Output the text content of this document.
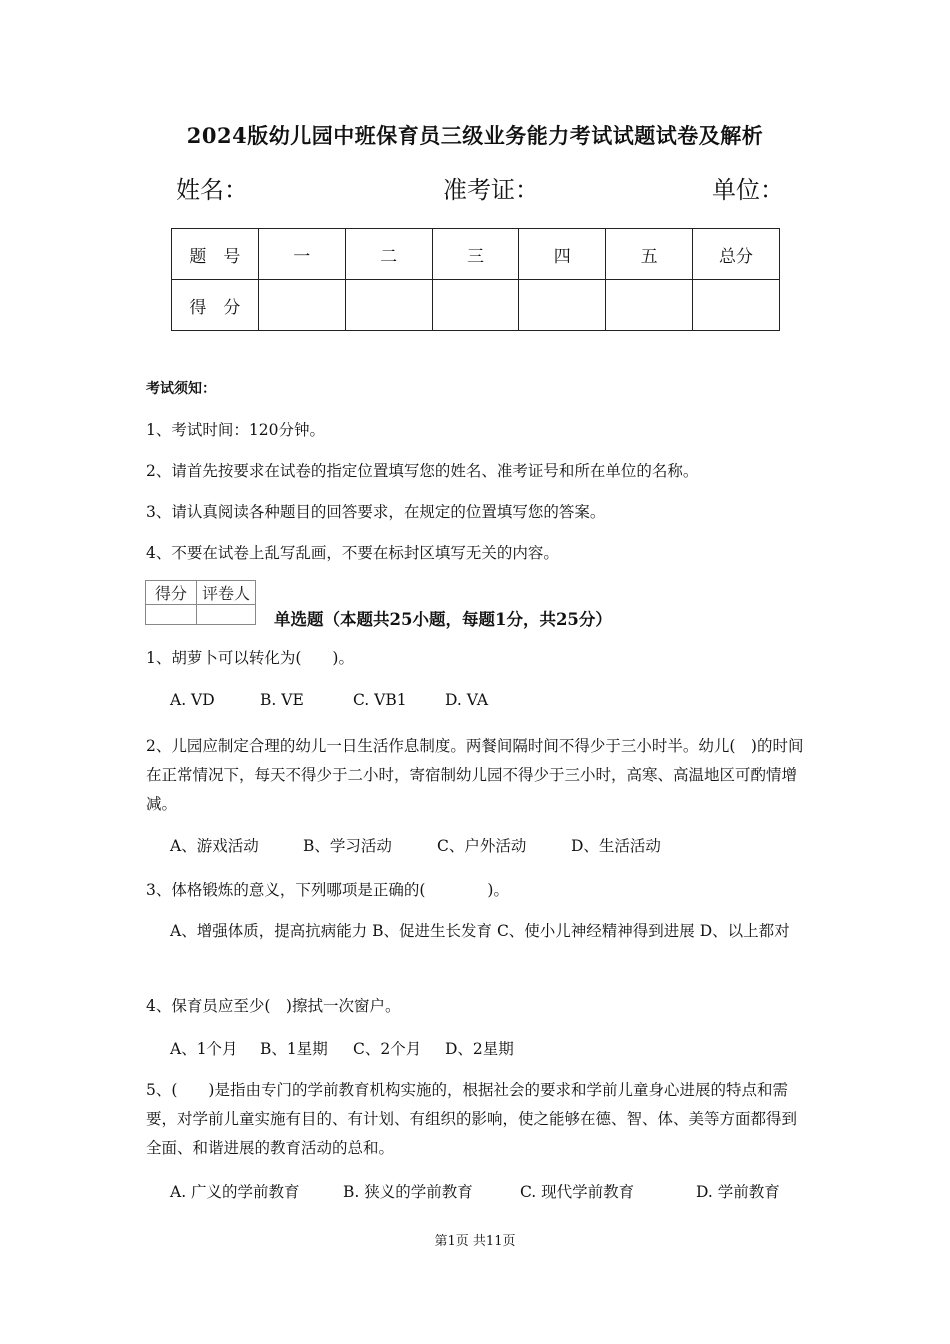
2024版幼儿园中班保育员三级业务能力考试试题试卷及解析
姓名：	准考证：	单位：
题　号	一	二	三	四	五	总分
得　分						
考试须知：
1、考试时间：120分钟。
2、请首先按要求在试卷的指定位置填写您的姓名、准考证号和所在单位的名称。
3、请认真阅读各种题目的回答要求，在规定的位置填写您的答案。
4、不要在试卷上乱写乱画，不要在标封区填写无关的内容。
得分	评卷人

单选题（本题共25小题，每题1分，共25分）
1、胡萝卜可以转化为(　　)。
A. VD	B. VE	C. VB1 D. VA
2、儿园应制定合理的幼儿一日生活作息制度。两餐间隔时间不得少于三小时半。幼儿(　)的时间在正常情况下，每天不得少于二小时，寄宿制幼儿园不得少于三小时，高寒、高温地区可酌情增减。
A、游戏活动	B、学习活动	C、户外活动	D、生活活动
3、体格锻炼的意义，下列哪项是正确的(　　　　)。
A、增强体质，提高抗病能力 B、促进生长发育 C、使小儿神经精神得到进展 D、以上都对
4、保育员应至少(　)擦拭一次窗户。
A、1个月 B、1星期 C、2个月 D、2星期
5、(　　)是指由专门的学前教育机构实施的，根据社会的要求和学前儿童身心进展的特点和需要，对学前儿童实施有目的、有计划、有组织的影响，使之能够在德、智、体、美等方面都得到全面、和谐进展的教育活动的总和。
A. 广义的学前教育	B. 狭义的学前教育	C. 现代学前教育	D. 学前教育
第1页 共11页
